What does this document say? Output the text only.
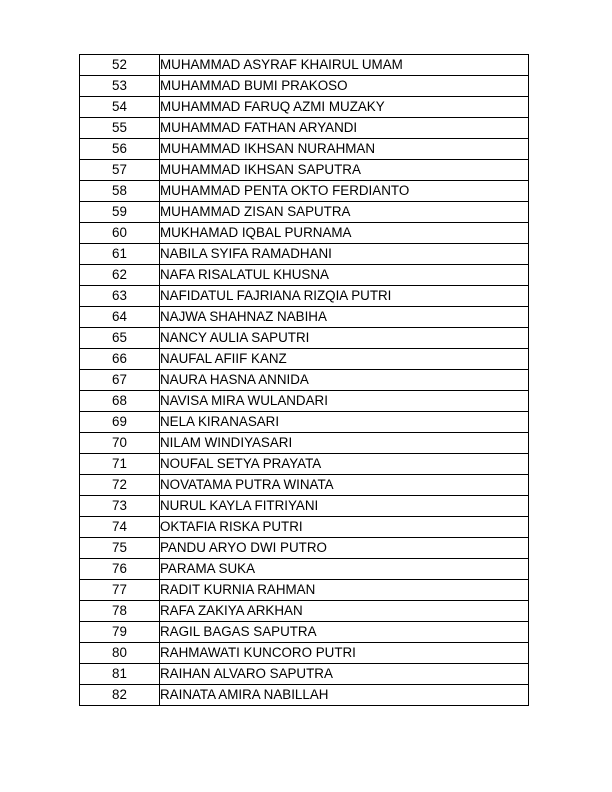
52	MUHAMMAD ASYRAF KHAIRUL UMAM
53	MUHAMMAD BUMI PRAKOSO
54	MUHAMMAD FARUQ AZMI MUZAKY
55	MUHAMMAD FATHAN ARYANDI
56	MUHAMMAD IKHSAN NURAHMAN
57	MUHAMMAD IKHSAN SAPUTRA
58	MUHAMMAD PENTA OKTO FERDIANTO
59	MUHAMMAD ZISAN SAPUTRA
60	MUKHAMAD IQBAL PURNAMA
61	NABILA SYIFA RAMADHANI
62	NAFA RISALATUL KHUSNA
63	NAFIDATUL FAJRIANA RIZQIA PUTRI
64	NAJWA SHAHNAZ NABIHA
65	NANCY AULIA SAPUTRI
66	NAUFAL AFIIF KANZ
67	NAURA HASNA ANNIDA
68	NAVISA MIRA WULANDARI
69	NELA KIRANASARI
70	NILAM WINDIYASARI
71	NOUFAL SETYA PRAYATA
72	NOVATAMA PUTRA WINATA
73	NURUL KAYLA FITRIYANI
74	OKTAFIA RISKA PUTRI
75	PANDU ARYO DWI PUTRO
76	PARAMA SUKA
77	RADIT KURNIA RAHMAN
78	RAFA ZAKIYA ARKHAN
79	RAGIL BAGAS SAPUTRA
80	RAHMAWATI KUNCORO PUTRI
81	RAIHAN ALVARO SAPUTRA
82	RAINATA AMIRA NABILLAH
